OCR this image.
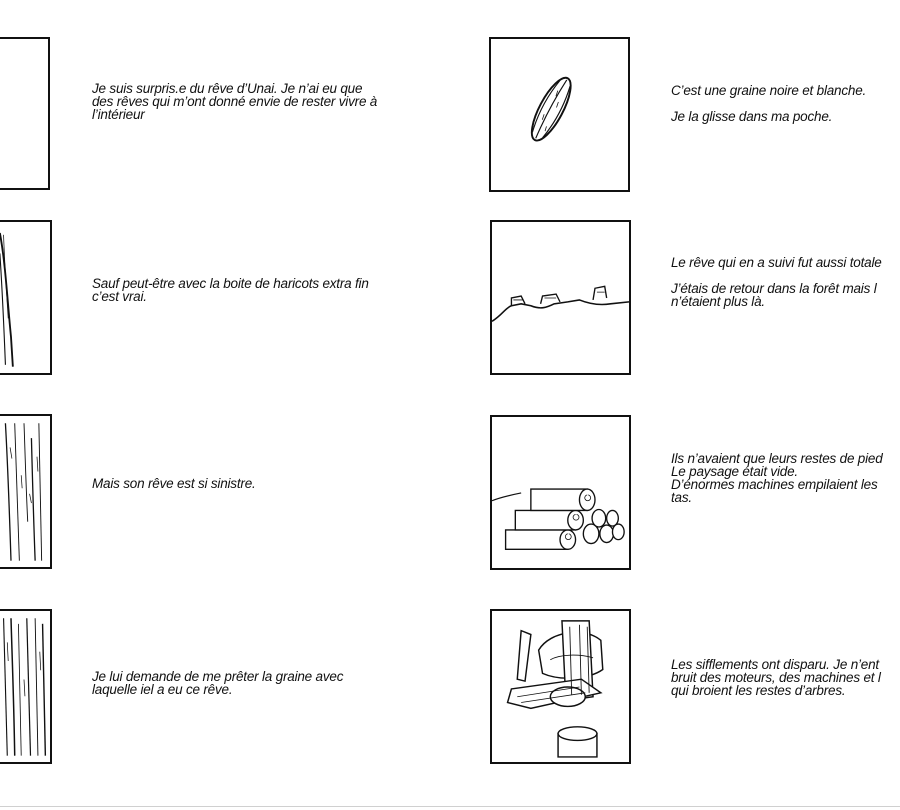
Je suis surpris.e du rêve d’Unai. Je n’ai eu que
des rêves qui m’ont donné envie de rester vivre à
l’intérieur

Sauf peut-être avec la boite de haricots extra fin
c’est vrai.

Mais son rêve est si sinistre.

Je lui demande de me prêter la graine avec
laquelle iel a eu ce rêve.

C’est une graine noire et blanche.
Je la glisse dans ma poche.

Le rêve qui en a suivi fut aussi totale
J’étais de retour dans la forêt mais l
n’étaient plus là.

Ils n’avaient que leurs restes de pied
Le paysage était vide.
D’énormes machines empilaient les
tas.

Les sifflements ont disparu. Je n’ent
bruit des moteurs, des machines et l
qui broient les restes d’arbres.
